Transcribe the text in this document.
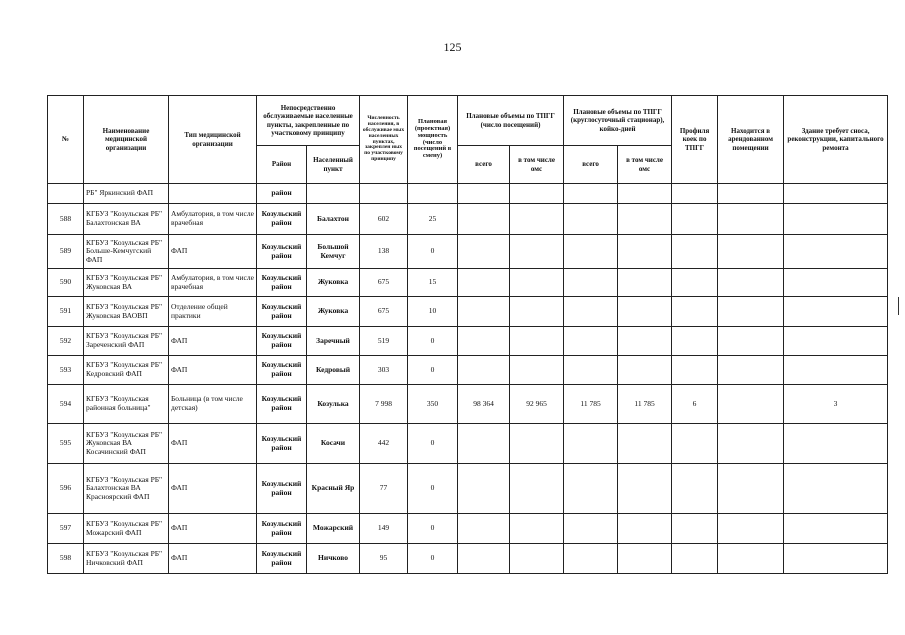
125
№	Наименование медицинской организации	Тип медицинской организации	Непосредственно обслуживаемые населенные пункты, закрепленные по участковому принципу		Численность населения, в обслуживае мых населенных пунктах, закреплен ных по участковому принципу	Плановая (проектная) мощность (число посещений в смену)	Плановые объемы по ТПГГ (число посещений)		Плановые объемы по ТПГГ (круглосуточный стационар), койко-дней		Профиля коек по ТПГГ	Находится в арендованном помещении	Здание требует сноса, реконструкции, капитального ремонта
			Район	Населенный пункт			всего	в том числе омс	всего	в том числе омс			
	РБ" Яркинский ФАП		район										
588	КГБУЗ "Козульская РБ" Балахтонская ВА	Амбулатория, в том числе врачебная	Козульский район	Балахтон	602	25							
589	КГБУЗ "Козульская РБ" Больше-Кемчугский ФАП	ФАП	Козульский район	Большой Кемчуг	138	0							
590	КГБУЗ "Козульская РБ" Жуковская ВА	Амбулатория, в том числе врачебная	Козульский район	Жуковка	675	15							
591	КГБУЗ "Козульская РБ" Жуковская ВАОВП	Отделение общей практики	Козульский район	Жуковка	675	10							
592	КГБУЗ "Козульская РБ" Зареченский ФАП	ФАП	Козульский район	Заречный	519	0							
593	КГБУЗ "Козульская РБ" Кедровский ФАП	ФАП	Козульский район	Кедровый	303	0							
594	КГБУЗ "Козульская районная больница"	Больница (в том числе детская)	Козульский район	Козулька	7 998	350	98 364	92 965	11 785	11 785	6		3
595	КГБУЗ "Козульская РБ" Жуковская ВА Косачинский ФАП	ФАП	Козульский район	Косачи	442	0							
596	КГБУЗ "Козульская РБ" Балахтонская ВА Красноярский ФАП	ФАП	Козульский район	Красный Яр	77	0							
597	КГБУЗ "Козульская РБ" Можарский ФАП	ФАП	Козульский район	Можарский	149	0							
598	КГБУЗ "Козульская РБ" Ничковский ФАП	ФАП	Козульский район	Ничково	95	0							
